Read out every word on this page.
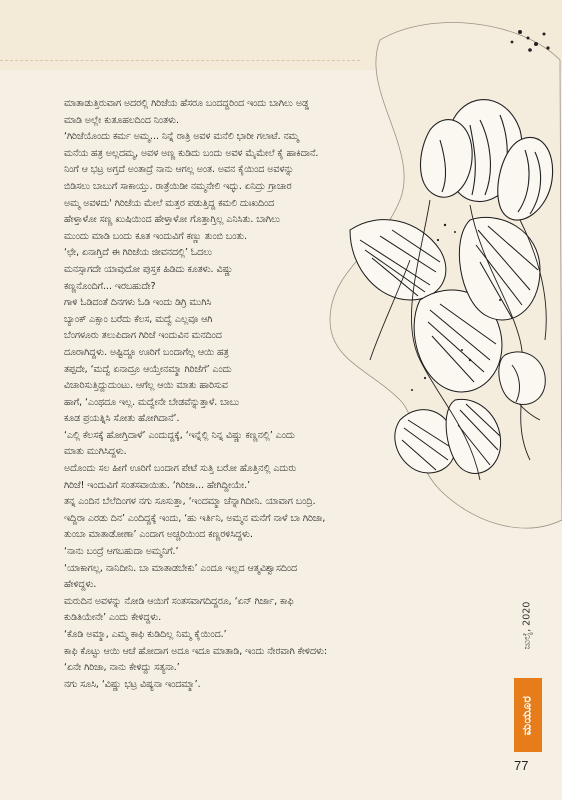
ಮಾತಾಡುತ್ತಿರುವಾಗ ಅದರಲ್ಲಿ ಗಿರಿಜೆಯ ಹೆಸರೂ ಬಂದದ್ದರಿಂದ ಇಂದು ಬಾಗಿಲು ಅಡ್ಡ
ಮಾಡಿ ಅಲ್ಲೇ ಕುತೂಹಲದಿಂದ ನಿಂತಳು.

‘ಗಿರಿಜೆಯೊಂದು ಕರ್ಮ ಅಮ್ಮ... ನಿನ್ನೆ ರಾತ್ರಿ ಅವಳ ಮನೆಲಿ ಭಾರೀ ಗಲಾಟೆ. ನಮ್ಮ
ಮನೆಯ ಹತ್ರ ಅಲ್ಲದಮ್ಮ, ಅವಳ ಅಣ್ಣ ಕುಡಿದು ಬಂದು ಅವಳ ಮೈಮೇಲೆ ಕೈ ಹಾಕಿದಾನೆ.
ನಿಂಗೆ ಆ ಭಟ್ರ ಅಗ್ತದೆ ಅಂತಾದ್ರೆ ನಾನು ಆಗಲ್ಲ ಅಂತ. ಅವನ ಕೈಯಿಂದ ಅವಳನ್ನು
ಬಿಡಿಸಲು ಬಾಬುಗೆ ಸಾಕಾಯ್ತು. ರಾತ್ರೆಯಿಡೀ ನಮ್ಮನೇಲಿ ಇದ್ಳು. ಏನಿದ್ರು ಗ್ರಾಚಾರ
ಅಮ್ಮ ಅವಳದು' ಗಿರಿಜೆಯ ಮೇಲೆ ಮತ್ತರ ಪಡುತ್ತಿದ್ದ ಕಮಲಿ ದುಃಖದಿಂದ
ಹೇಳ್ತಾಳೋ ಸಣ್ಣ ಖುಷಿಯಿಂದ ಹೇಳ್ತಾಳೋ ಗೊತ್ತಾಗ್ತಿಲ್ಲ ಎನಿಸಿತು. ಬಾಗಿಲು
ಮುಂದು ಮಾಡಿ ಬಂದು ಕೂತ ಇಂದುವಿಗೆ ಕಣ್ಣು ತುಂಬಿ ಬಂತು.

‘ಛೇ, ಏನಾಗ್ತಿದೆ ಈ ಗಿರಿಜೆಯ ಜೀವನದಲ್ಲಿ’ ಓದಲು
ಮನಸ್ಸಾಗದೇ ಯಾವುದೋ ಪುಸ್ತಕ ಹಿಡಿದು ಕೂತಳು. ವಿಷ್ಣು
ಕಣ್ಣನೊಂದಿಗೆ... ಇರಬಹುದೇ?

ಗಾಳಿ ಓಡಿದಂತೆ ದಿನಗಳು ಓಡಿ ಇಂದು ಡಿಗ್ರಿ ಮುಗಿಸಿ
ಬ್ಯಾಂಕ್ ಎಕ್ಸಾಂ ಬರೆದು ಕೆಲಸ, ಮದ್ವೆ ಎಲ್ಲವೂ ಆಗಿ
ಬೆಂಗಳೂರು ತಲುಪಿದಾಗ ಗಿರಿಜೆ ಇಂದುವಿನ ಮನದಿಂದ
ದೂರಾಗಿದ್ದಳು. ಅಷ್ಟಿದ್ದೂ ಊರಿಗೆ ಬಂದಾಗೆಲ್ಲ ಆಯಿ ಹತ್ರ
ತಪ್ಪದೇ, ‘ಮದ್ವೆ ಏನಾದ್ರೂ ಆಯ್ತೇನಮ್ಮಾ ಗಿರಿಜೆಗೆ’ ಎಂದು
ವಿಚಾರಿಸುತ್ತಿದ್ದುದುಂಟು. ಆಗೆಲ್ಲ ಆಯಿ ಮಾತು ಹಾರಿಸುವ
ಹಾಗೆ, ‘ಎಂಥದೂ ಇಲ್ಲ. ಮದ್ವೇನೇ ಬೇಡವೆನ್ನುತ್ತಾಳೆ. ಬಾಬು
ಕೂಡ ಪ್ರಯತ್ನಿಸಿ ಸೋತು ಹೋಗಿದಾನೆ’.

‘ಎಲ್ಲಿ ಕೆಲಸಕ್ಕೆ ಹೋಗ್ತಿದಾಳೆ’ ಎಂದುದ್ದಕ್ಕೆ, ‘ಇನ್ನೆಲ್ಲಿ ನಿನ್ನ ವಿಷ್ಣು ಕಣ್ಣನಲ್ಲಿ’ ಎಂದು
ಮಾತು ಮುಗಿಸಿದ್ದಳು.

ಅದೊಂದು ಸಲ ಹೀಗೆ ಊರಿಗೆ ಬಂದಾಗ ಪೇಟೆ ಸುತ್ತಿ ಬರೋ ಹೊತ್ತಿನಲ್ಲಿ ಎದುರು
ಗಿರಿಜೆ! ಇಂದುವಿಗೆ ಸಂತಸವಾಯಿತು. ‘ಗಿರಿಜಾ... ಹೇಗಿದ್ದೀಯೇ.’

ತನ್ನ ಎಂದಿನ ಬೆಲೆದಿಂಗಳ ನಗು ಸೂಸುತ್ತಾ, ‘ಇಂದಮ್ಮಾ ಚೆನ್ನಾಗಿದೀನಿ. ಯಾವಾಗ ಬಂದ್ರಿ.
ಇದ್ದಿರಾ ಎರಡು ದಿನ’ ಎಂದಿದ್ದಕ್ಕೆ ಇಂದು, ‘ಹು ಇರ್ತಿನಿ, ಅಮ್ಮನ ಮನೆಗೆ ನಾಳೆ ಬಾ ಗಿರಿಜಾ,
ತುಂಬಾ ಮಾತಾಡೋಣಾ’ ಎಂದಾಗ ಅಚ್ಚರಿಯಿಂದ ಕಣ್ಣರಳಿಸಿದ್ದಳು.

‘ನಾನು ಬಂದ್ರೆ ಆಗಬಹುದಾ ಅಮ್ಮನಿಗೆ.’

‘ಯಾಕಾಗಲ್ಲ, ನಾನಿದೀನಿ. ಬಾ ಮಾತಾಡಬೇಕು’ ಎಂದೂ ಇಲ್ಲದ ಆತ್ಮವಿಶ್ವಾಸದಿಂದ
ಹೇಳಿದ್ದಳು.

ಮರುದಿನ ಅವಳನ್ನು ನೋಡಿ ಆಯಿಗೆ ಸಂತಸವಾಗದಿದ್ದರೂ, ‘ಏನ್ ಗಿರ್ಜಾ, ಕಾಫಿ
ಕುಡಿತಿಯೇನೇ’ ಎಂದು ಕೇಳಿದ್ದಳು.

‘ಕೊಡಿ ಅಮ್ಮಾ, ಎಮ್ಮ ಕಾಫಿ ಕುಡಿದಿಲ್ಲ ನಿಮ್ಮ ಕೈಯಿಂದ.’

ಕಾಫಿ ಕೊಟ್ಟು ಆಯಿ ಆಚೆ ಹೋದಾಗ ಅದೂ ಇದೂ ಮಾತಾಡಿ, ಇಂದು ನೇರವಾಗಿ ಕೇಳಿದಳು:
‘ಏನೇ ಗಿರಿಜಾ, ನಾನು ಕೇಳಿದ್ದು ಸತ್ಯನಾ.’

ನಗು ಸೂಸಿ, ‘ವಿಷ್ಣು ಭಟ್ರ ವಿಷ್ಯನಾ ಇಂದಮ್ಮಾ’.

ಜುಲೈ, 2020
ಮಯೂರ
77
